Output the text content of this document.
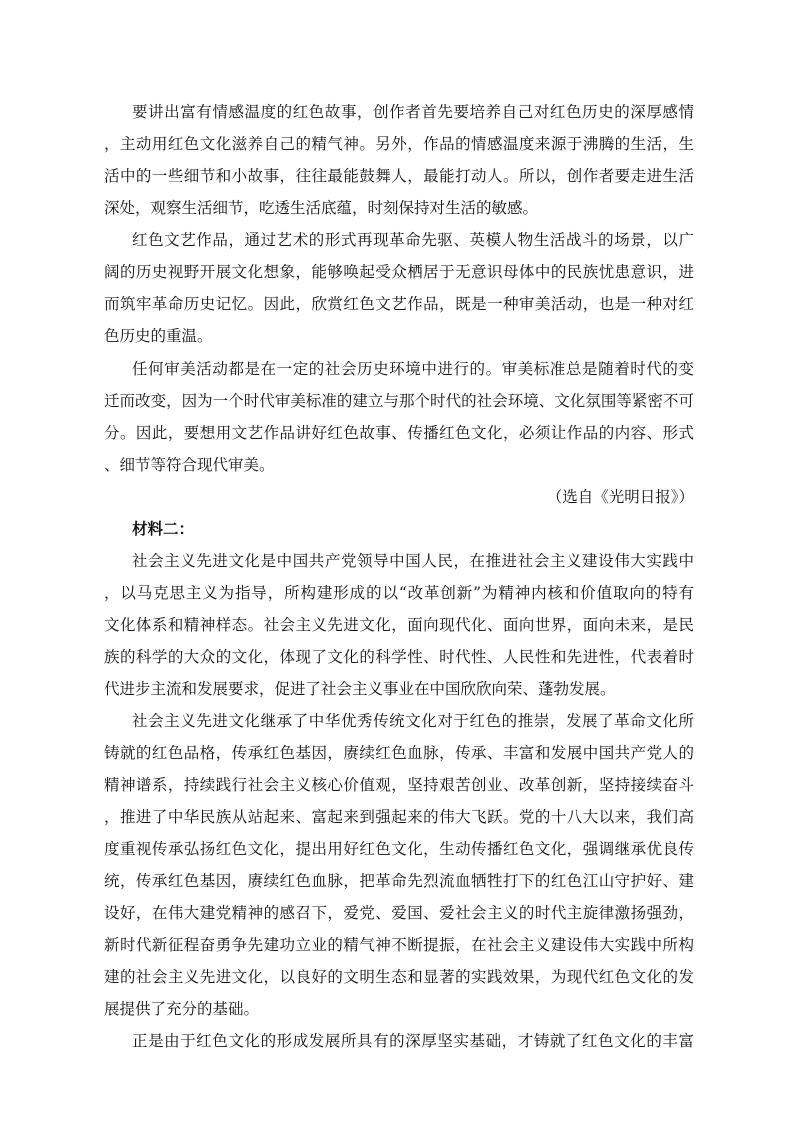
要讲出富有情感温度的红色故事，创作者首先要培养自己对红色历史的深厚感情
，主动用红色文化滋养自己的精气神。另外，作品的情感温度来源于沸腾的生活，生
活中的一些细节和小故事，往往最能鼓舞人，最能打动人。所以，创作者要走进生活
深处，观察生活细节，吃透生活底蕴，时刻保持对生活的敏感。
红色文艺作品，通过艺术的形式再现革命先驱、英模人物生活战斗的场景，以广
阔的历史视野开展文化想象，能够唤起受众栖居于无意识母体中的民族忧患意识，进
而筑牢革命历史记忆。因此，欣赏红色文艺作品，既是一种审美活动，也是一种对红
色历史的重温。
任何审美活动都是在一定的社会历史环境中进行的。审美标准总是随着时代的变
迁而改变，因为一个时代审美标准的建立与那个时代的社会环境、文化氛围等紧密不可
分。因此，要想用文艺作品讲好红色故事、传播红色文化，必须让作品的内容、形式
、细节等符合现代审美。
（选自《光明日报》）
材料二：
社会主义先进文化是中国共产党领导中国人民，在推进社会主义建设伟大实践中
，以马克思主义为指导，所构建形成的以“改革创新”为精神内核和价值取向的特有
文化体系和精神样态。社会主义先进文化，面向现代化、面向世界，面向未来，是民
族的科学的大众的文化，体现了文化的科学性、时代性、人民性和先进性，代表着时
代进步主流和发展要求，促进了社会主义事业在中国欣欣向荣、蓬勃发展。
社会主义先进文化继承了中华优秀传统文化对于红色的推崇，发展了革命文化所
铸就的红色品格，传承红色基因，赓续红色血脉，传承、丰富和发展中国共产党人的
精神谱系，持续践行社会主义核心价值观，坚持艰苦创业、改革创新，坚持接续奋斗
，推进了中华民族从站起来、富起来到强起来的伟大飞跃。党的十八大以来，我们高
度重视传承弘扬红色文化，提出用好红色文化，生动传播红色文化，强调继承优良传
统，传承红色基因，赓续红色血脉，把革命先烈流血牺牲打下的红色江山守护好、建
设好，在伟大建党精神的感召下，爱党、爱国、爱社会主义的时代主旋律激扬强劲，
新时代新征程奋勇争先建功立业的精气神不断提振，在社会主义建设伟大实践中所构
建的社会主义先进文化，以良好的文明生态和显著的实践效果，为现代红色文化的发
展提供了充分的基础。
正是由于红色文化的形成发展所具有的深厚坚实基础，才铸就了红色文化的丰富
